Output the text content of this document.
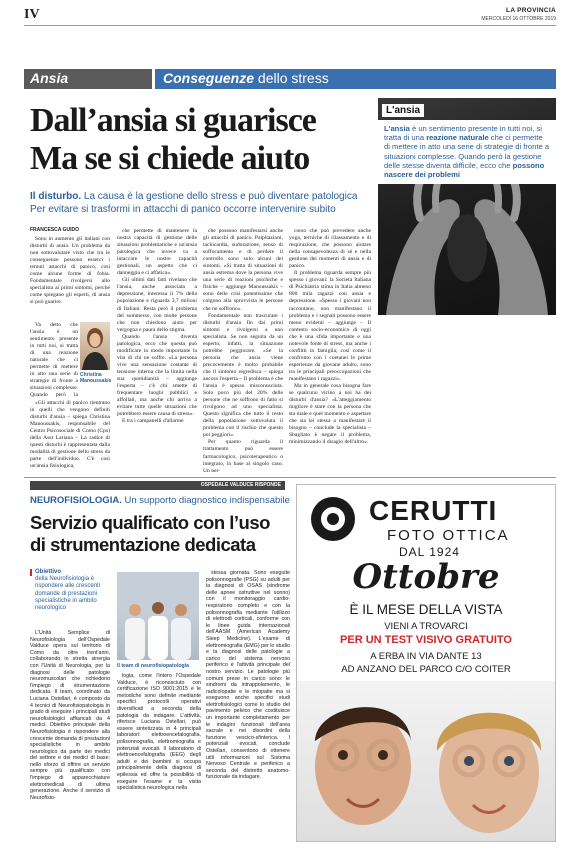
IV	LA PROVINCIA
MERCOLEDÌ 16 OTTOBRE 2019
Ansia	Conseguenze dello stress
Dall’ansia si guarisce
Ma se si chiede aiuto
Il disturbo. La causa è la gestione dello stress e può diventare patologica
Per evitare si trasformi in attacchi di panico occorre intervenire subito
L'ansia
L'ansia è un sentimento presente in tutti noi, si tratta di una reazione naturale che ci permette di mettere in atto una serie di strategie di fronte a situazioni complesse. Quando però la gestione delle stesse diventa difficile, ecco che possono nascere dei problemi
FRANCESCA GUIDO

Sono in aumento gli italiani con disturbi di ansia. Un problema da non sottovalutare visto che tra le conseguenze possono esserci i temuti attacchi di panico, così come alcune forme di fobia. Fondamentale rivolgersi allo specialista ai primi sintomi, perché come spiegano gli esperti, di ansia si può guarire.

Va detto che l'ansia è un sentimento presente in tutti noi, si tratta di una reazione naturale che ci permette di mettere in atto una serie di strategie di fronte a situazioni complesse. Quando però la

Christina
Manoussakis

«Gli attacchi di panico rientrano in quelli che vengono definiti disturbi d'ansia – spiega Christina Manoussakis, responsabile del Centro Psicosociale di Como (Cps) della Asst Lariana – La radice di questi disturbi è rappresentata dalla modalità di gestione dello stress da parte dell'individuo. C'è così un'ansia fisiologica,

che permette di mantenere la nostra capacità di gestione delle situazioni problematiche e un'ansia patologica che invece va a intaccare le nostre capacità gestionali, un aspetto che ci danneggia e ci affatica».

Gli ultimi dati fatti rivelano che l'ansia, anche associata a depressione, interessa il 7% della popolazione e riguarda 3,7 milioni di Italiani. Resta però il problema del sommerso, con molte persone che non chiedono aiuto per vergogna e paura dello stigma.

Quando l'ansia diventa patologica, ecco che questa può modificare in modo importante la vita di chi ne soffre. «La persona vive una sensazione costante di tensione interna che la limita nella sua quotidianità – aggiunge l'esperta – c'è chi smette di frequentare luoghi pubblici e affollati, ma anche chi arriva a evitare tutte quelle situazioni che potrebbero essere causa di stress».

E tra i campanelli d'allarme

che possono manifestarsi anche gli attacchi di panico. Palpitazioni, tachicardia, sudorazione, senso di soffocamento e di perdere il controllo sono solo alcuni dei sintomi. «Si tratta di situazioni di ansia estrema dove la persona vive una serie di reazioni psichiche e fisiche – aggiunge Manoussakis – sono delle crisi potentissime che colgono alla sprovvista le persone che ne soffrono».

Fondamentale non trascurare i disturbi d'ansia fin dai primi sintomi e rivolgersi a uno specialista. Se non seguita da un esperto, infatti, la situazione potrebbe peggiorare. «Se la persona che ansia viene precocemente è molto probabile che il sintomo regredisca – spiega ancora l'esperta – Il problema è che l'ansia è spesso misconosciuta. Solo poco più del 20% delle persone che ne soffrono di fatto si rivolgono ad uno specialista. Questo significa che tutto il resto della popolazione sottovaluta il problema con il rischio che questo poi peggiori».

Per quanto riguarda il trattamento può essere farmacologico, psicoterapeutico o integrato, in base al singolo caso. Un per-

corso che può prevedere anche yoga, tecniche di rilassamento e di respirazione, che possono aiutare nella consapevolezza di sé e nella gestione dei momenti di ansia e di panico.

Il problema riguarda sempre più spesso i giovani: la Società Italiana di Psichiatria stima in Italia almeno 800 mila ragazzi con ansia e depressione. «Spesso i giovani non raccontano, non manifestano il problema e i segnali possono essere meno evidenti – aggiunge – Il contesto socio-economico di oggi che è una sfida importante e una notevole fonte di stress, ma anche i conflitti in famiglia, così come il confronto con i coetanei le prime esperienze da giovane adulto, sono tra le principali preoccupazioni che manifestano i ragazzi».

Ma in generale cosa bisogna fare se qualcuno vicino a noi ha dei disturbi d'ansia? «L'atteggiamento migliore è stare con la persona che sta male e quel momento e aspettare che sia lei stessa a manifestare il bisogno – conclude la specialista – Sbagliato è negare il problema, minimizzando il disagio dell'altro».

OSPEDALE VALDUCE RISPONDE
NEUROFISIOLOGIA. Un supporto diagnostico indispensabile
Servizio qualificato con l’uso
di strumentazione dedicata
Obiettivo
della Neurofisiologia è rispondere alle crescenti domande di prestazioni specialistiche in ambito neurologico
Il team di neurofisiopatologia

L'Unità Semplice di Neurofisiologia dell'Ospedale Valduce opera sul territorio di Como da oltre trent'anni, collaborando in stretta sinergia con l'Unità di Neurologia, per la diagnosi delle patologie neuromuscolari che richiedono l'impiego di strumentazione dedicata. Il team, coordinato da Luciana Ostellari, è composto da 4 tecnici di Neurofisiopatologia in grado di eseguire i principali studi neurofisiologici affiancati da 4 medici. Obiettivo principale della Neurofisiologia è rispondere alla crescente domanda di prestazioni specialistiche in ambito neurologico da parte dei medici del settore e dei medici di base: nello sforzo di offrire un servizio sempre più qualificato con l'impiego di apparecchiature elettromedicali di ultima generazione. Anche il servizio di Neurofisio-

logia, come l'intero l'Ospedale Valduce, è riconosciuto con certificazione ISO 9001:2015 e le metodiche sono definite mediante specifici protocolli operativi diversificati a seconda della patologia da indagare. L'attività, riferisce Luciana Ostellari, può essere sintetizzata in 4 principali laboratori: elettroencefalografia, polisonnografia, elettromiografia e potenziali evocati. Il laboratorio di elettroencefalografia (EEG) degli adulti e dei bambini si occupa principalmente della diagnosi di epilessia ed offre la possibilità di eseguire l'esame e la visita specialistica neurologica nella

stessa giornata. Sono eseguite polisonnografie (PSG) su adulti per la diagnosi di OSAS (sindrome delle apnee ostruttive nel sonno) con il monitoraggio cardio-respiratorio completo e con la polisonnografia mediante l'utilizzo di elettrodi corticali, conforme con le linee guida internazionali dell'AASM (American Academy Sleep Medicine). L'esame di elettromiografia (EMG) per lo studio e la diagnosi delle patologie a carico del sistema nervoso periferico è l'attività principale del nostro servizio. Le patologie più comuni prese in carico sono: le sindromi da intrappolamento, le radicolopatie e le miopatie ma si eseguono anche specifici studi elettrofisiologici come lo studio del pavimento pelvico che costituisce un importante completamento per le indagini funzionali dell'area sacrale e nei disordini della funzione vescico-sfinterica. I potenziali evocati, conclude Ostellari, consentono di ottenere utili informazioni sul Sistema Nervoso Centrale e periferico a seconda del distretto anatomo-funzionale da indagare.

CERUTTI
FOTO OTTICA
DAL 1924
Ottobre
È IL MESE DELLA VISTA
VIENI A TROVARCI
PER UN TEST VISIVO GRATUITO
A ERBA IN VIA DANTE 13
AD ANZANO DEL PARCO C/O COITER
